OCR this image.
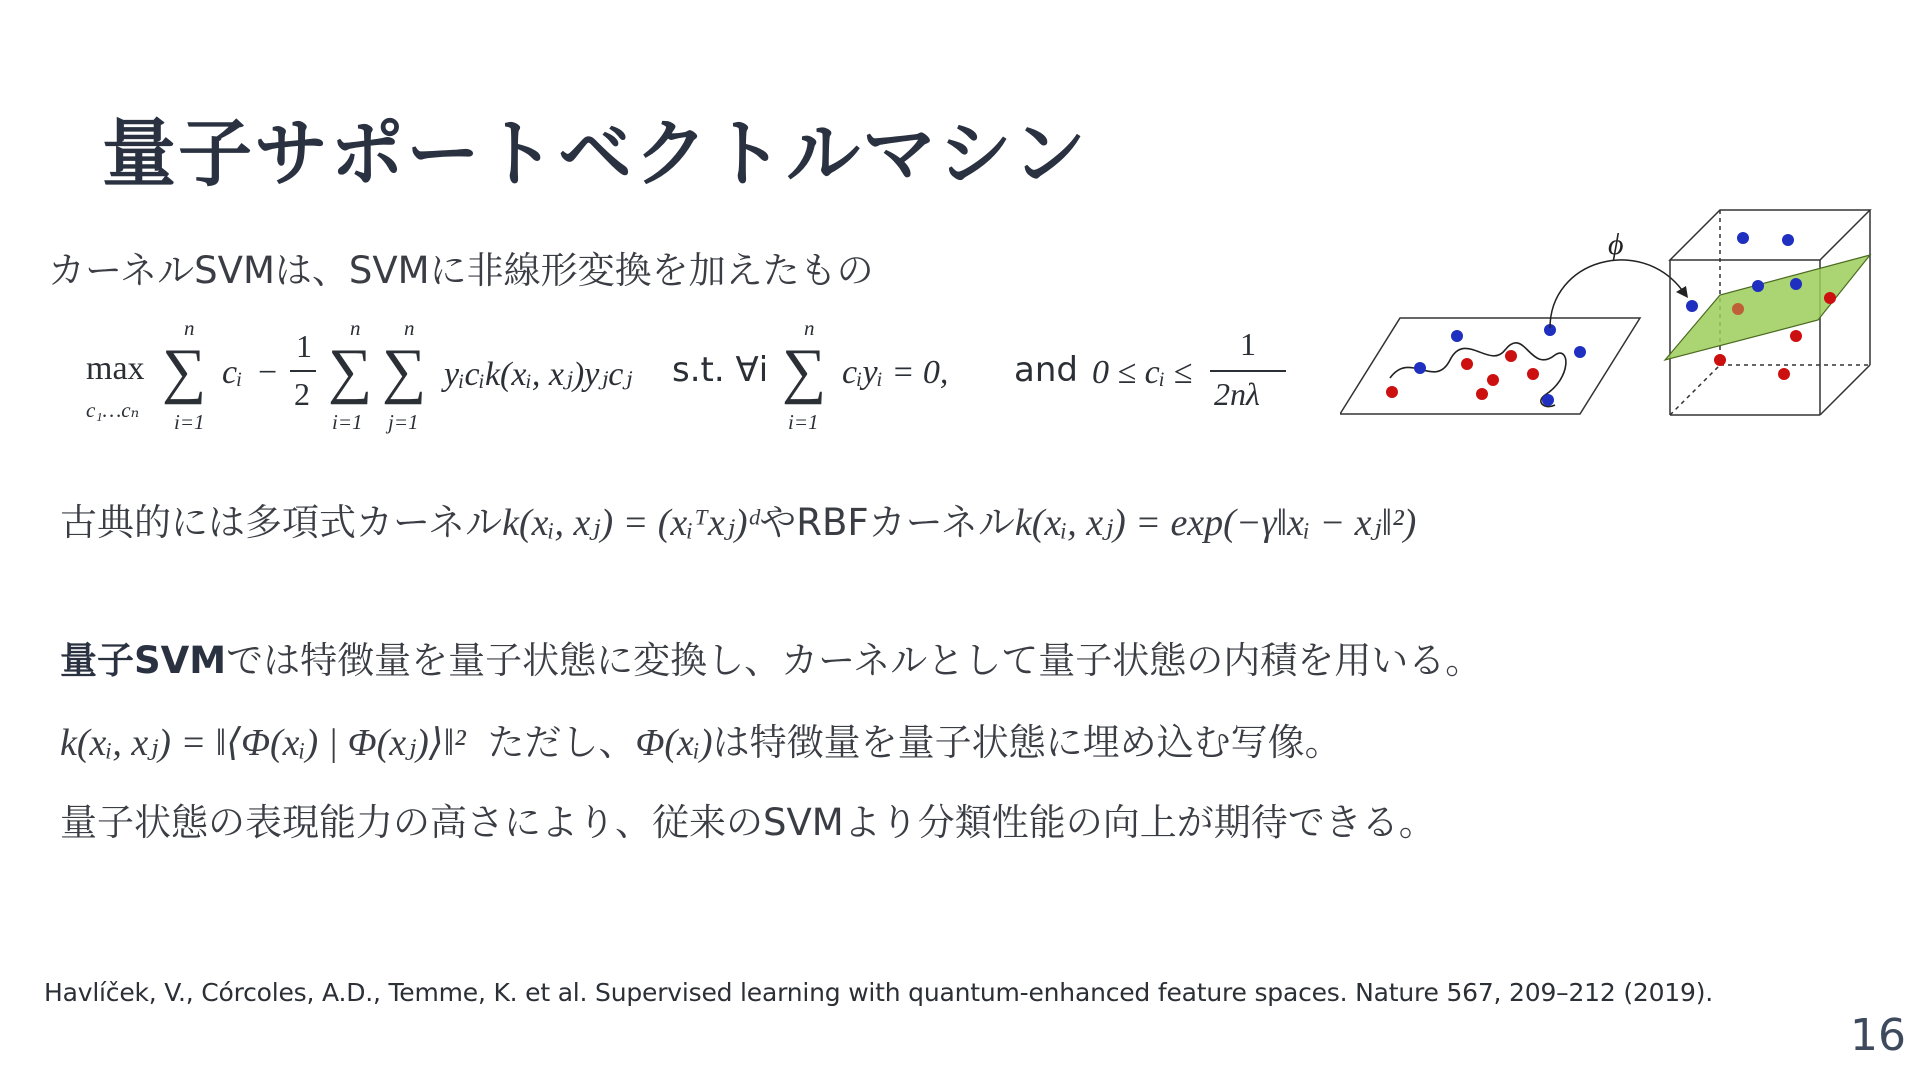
量子サポートベクトルマシン
カーネルSVMは、SVMに非線形変換を加えたもの
max
c₁…cₙ
n
∑
i=1
cᵢ −
1
2
n
∑
i=1
n
∑
j=1
yᵢcᵢk(xᵢ, xⱼ)yⱼcⱼ s.t. ∀i
n
∑
i=1
cᵢyᵢ = 0, and 0 ≤ cᵢ ≤
1
2nλ
ϕ
古典的には多項式カーネルk(xᵢ, xⱼ) = (xᵢᵀxⱼ)ᵈやRBFカーネルk(xᵢ, xⱼ) = exp(−γ‖xᵢ − xⱼ‖²)
量子SVMでは特徴量を量子状態に変換し、カーネルとして量子状態の内積を用いる。
k(xᵢ, xⱼ) = ‖⟨Φ(xᵢ) | Φ(xⱼ)⟩‖² ただし、Φ(xᵢ)は特徴量を量子状態に埋め込む写像。
量子状態の表現能力の高さにより、従来のSVMより分類性能の向上が期待できる。
Havlíček, V., Córcoles, A.D., Temme, K. et al. Supervised learning with quantum-enhanced feature spaces. Nature 567, 209–212 (2019).
16
